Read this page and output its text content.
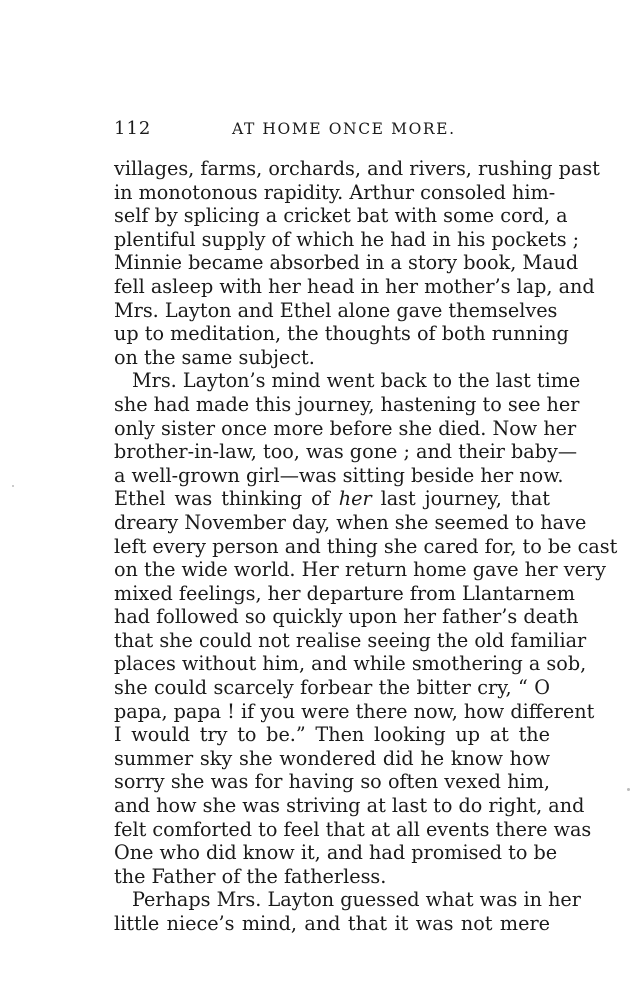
112	AT HOME ONCE MORE.
villages, farms, orchards, and rivers, rushing past
in monotonous rapidity. Arthur consoled him-
self by splicing a cricket bat with some cord, a
plentiful supply of which he had in his pockets ;
Minnie became absorbed in a story book, Maud
fell asleep with her head in her mother’s lap, and
Mrs. Layton and Ethel alone gave themselves
up to meditation, the thoughts of both running
on the same subject.
Mrs. Layton’s mind went back to the last time
she had made this journey, hastening to see her
only sister once more before she died. Now her
brother-in-law, too, was gone ; and their baby—
a well-grown girl—was sitting beside her now.
Ethel was thinking of her last journey, that
dreary November day, when she seemed to have
left every person and thing she cared for, to be cast
on the wide world. Her return home gave her very
mixed feelings, her departure from Llantarnem
had followed so quickly upon her father’s death
that she could not realise seeing the old familiar
places without him, and while smothering a sob,
she could scarcely forbear the bitter cry, “ O
papa, papa ! if you were there now, how different
I would try to be.” Then looking up at the
summer sky she wondered did he know how
sorry she was for having so often vexed him,
and how she was striving at last to do right, and
felt comforted to feel that at all events there was
One who did know it, and had promised to be
the Father of the fatherless.
Perhaps Mrs. Layton guessed what was in her
little niece’s mind, and that it was not mere
